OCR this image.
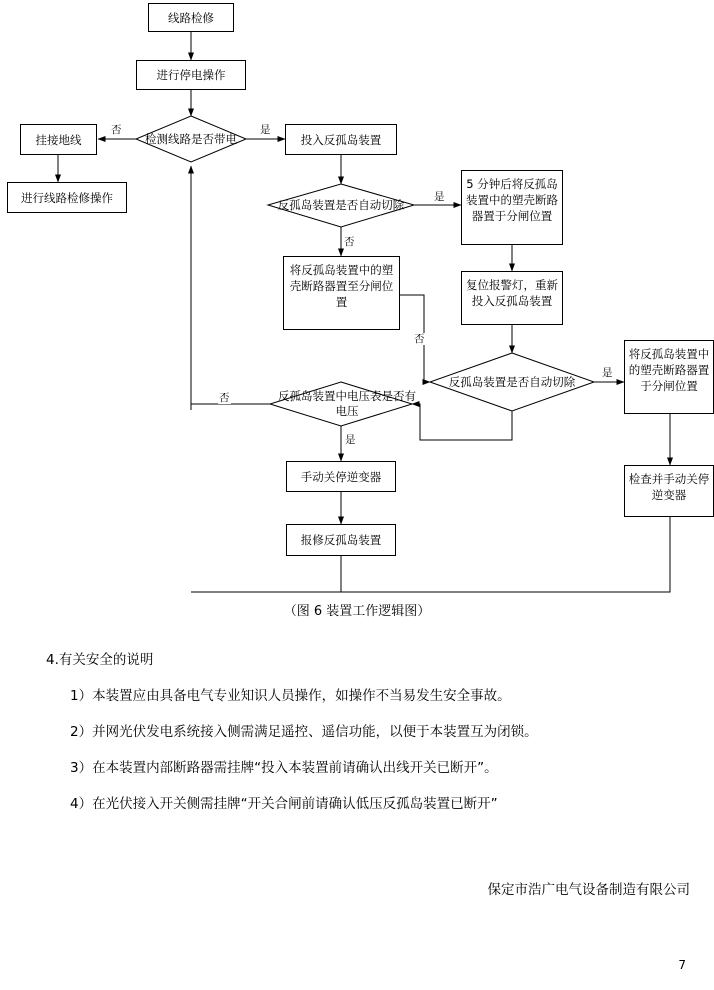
检测线路是否带电
反孤岛装置是否自动切除
反孤岛装置是否自动切除
反孤岛装置中电压表是否有电压
线路检修
进行停电操作
挂接地线
进行线路检修操作
投入反孤岛装置
5 分钟后将反孤岛装置中的塑壳断路器置于分闸位置
复位报警灯，重新投入反孤岛装置
将反孤岛装置中的塑壳断路器置至分闸位置
将反孤岛装置中的塑壳断路器置于分闸位置
检查并手动关停逆变器
手动关停逆变器
报修反孤岛装置
否	是
是
否
否
是
否
是
（图 6 装置工作逻辑图）
4.有关安全的说明
1）本装置应由具备电气专业知识人员操作，如操作不当易发生安全事故。
2）并网光伏发电系统接入侧需满足遥控、遥信功能，以便于本装置互为闭锁。
3）在本装置内部断路器需挂牌“投入本装置前请确认出线开关已断开”。
4）在光伏接入开关侧需挂牌“开关合闸前请确认低压反孤岛装置已断开”
保定市浩广电气设备制造有限公司
7
